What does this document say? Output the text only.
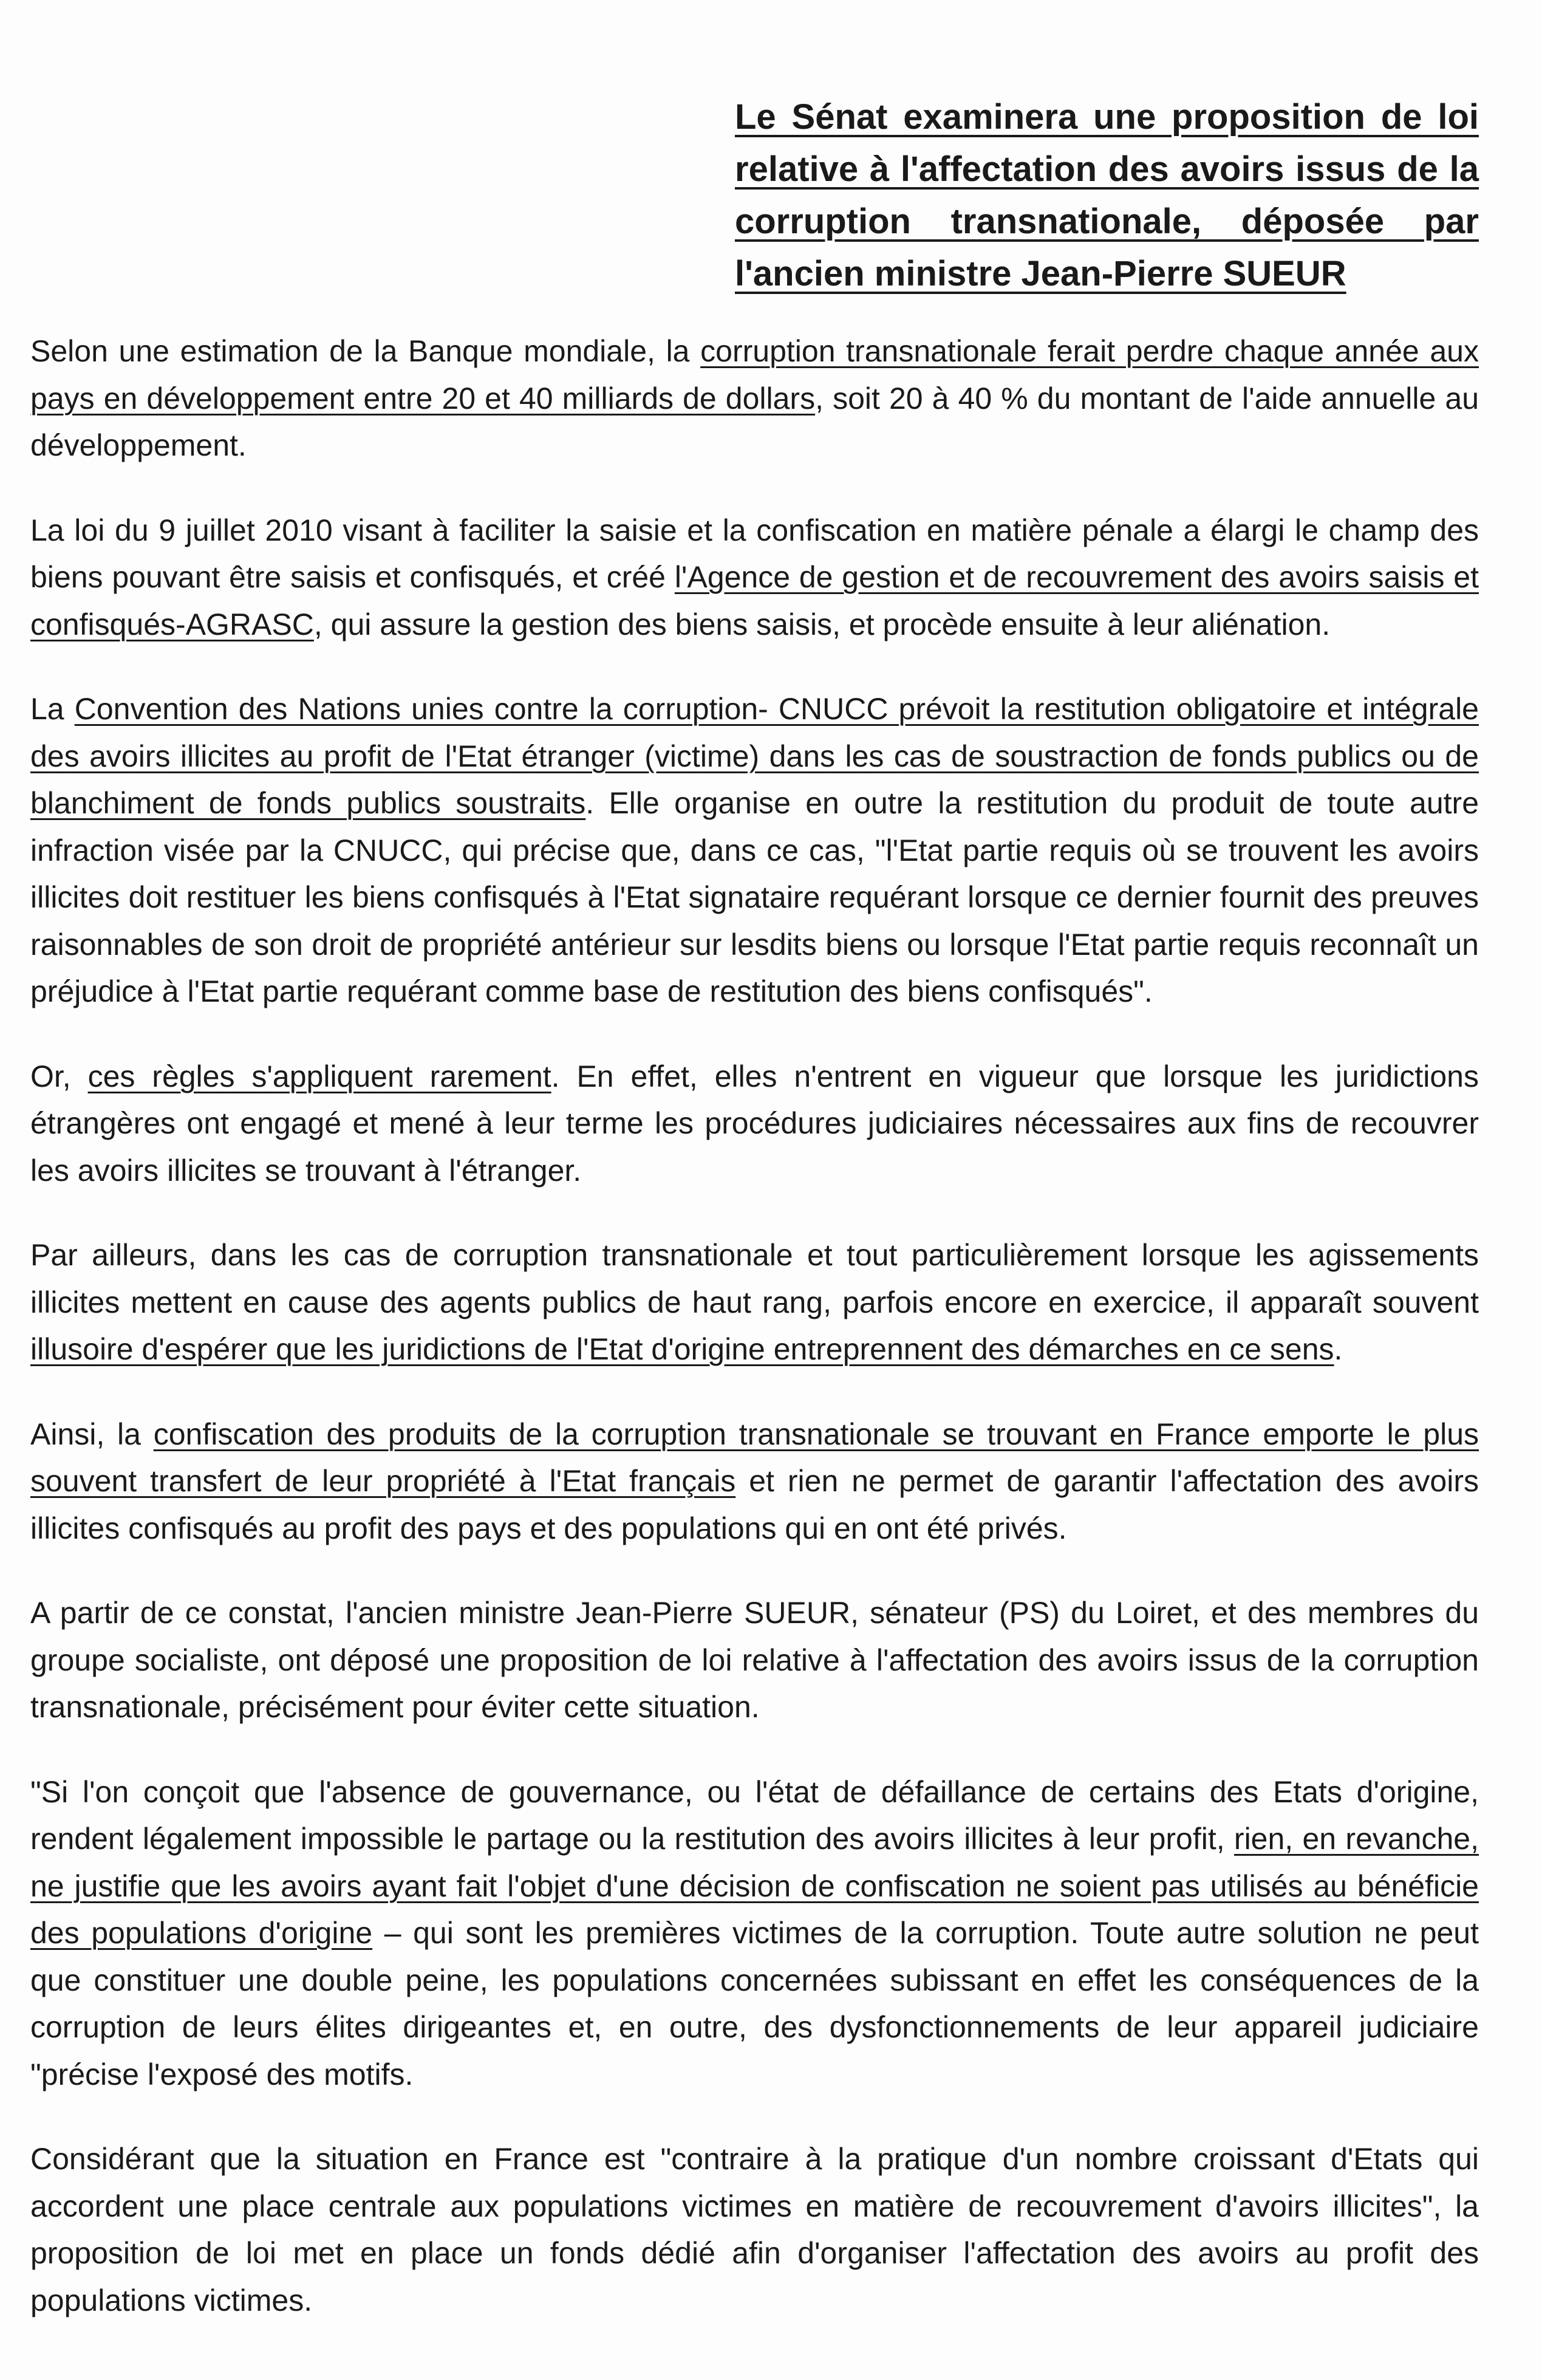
Le Sénat examinera une proposition de loi relative à l'affectation des avoirs issus de la corruption transnationale, déposée par l'ancien ministre Jean-Pierre SUEUR

Selon une estimation de la Banque mondiale, la corruption transnationale ferait perdre chaque année aux pays en développement entre 20 et 40 milliards de dollars, soit 20 à 40 % du montant de l'aide annuelle au développement.

La loi du 9 juillet 2010 visant à faciliter la saisie et la confiscation en matière pénale a élargi le champ des biens pouvant être saisis et confisqués, et créé l'Agence de gestion et de recouvrement des avoirs saisis et confisqués-AGRASC, qui assure la gestion des biens saisis, et procède ensuite à leur aliénation.

La Convention des Nations unies contre la corruption- CNUCC prévoit la restitution obligatoire et intégrale des avoirs illicites au profit de l'Etat étranger (victime) dans les cas de soustraction de fonds publics ou de blanchiment de fonds publics soustraits. Elle organise en outre la restitution du produit de toute autre infraction visée par la CNUCC, qui précise que, dans ce cas, "l'Etat partie requis où se trouvent les avoirs illicites doit restituer les biens confisqués à l'Etat signataire requérant lorsque ce dernier fournit des preuves raisonnables de son droit de propriété antérieur sur lesdits biens ou lorsque l'Etat partie requis reconnaît un préjudice à l'Etat partie requérant comme base de restitution des biens confisqués".

Or, ces règles s'appliquent rarement. En effet, elles n'entrent en vigueur que lorsque les juridictions étrangères ont engagé et mené à leur terme les procédures judiciaires nécessaires aux fins de recouvrer les avoirs illicites se trouvant à l'étranger.

Par ailleurs, dans les cas de corruption transnationale et tout particulièrement lorsque les agissements illicites mettent en cause des agents publics de haut rang, parfois encore en exercice, il apparaît souvent illusoire d'espérer que les juridictions de l'Etat d'origine entreprennent des démarches en ce sens.

Ainsi, la confiscation des produits de la corruption transnationale se trouvant en France emporte le plus souvent transfert de leur propriété à l'Etat français et rien ne permet de garantir l'affectation des avoirs illicites confisqués au profit des pays et des populations qui en ont été privés.

A partir de ce constat, l'ancien ministre Jean-Pierre SUEUR, sénateur (PS) du Loiret, et des membres du groupe socialiste, ont déposé une proposition de loi relative à l'affectation des avoirs issus de la corruption transnationale, précisément pour éviter cette situation.

"Si l'on conçoit que l'absence de gouvernance, ou l'état de défaillance de certains des Etats d'origine, rendent légalement impossible le partage ou la restitution des avoirs illicites à leur profit, rien, en revanche, ne justifie que les avoirs ayant fait l'objet d'une décision de confiscation ne soient pas utilisés au bénéficie des populations d'origine – qui sont les premières victimes de la corruption. Toute autre solution ne peut que constituer une double peine, les populations concernées subissant en effet les conséquences de la corruption de leurs élites dirigeantes et, en outre, des dysfonctionnements de leur appareil judiciaire "précise l'exposé des motifs.

Considérant que la situation en France est "contraire à la pratique d'un nombre croissant d'Etats qui accordent une place centrale aux populations victimes en matière de recouvrement d'avoirs illicites", la proposition de loi met en place un fonds dédié afin d'organiser l'affectation des avoirs au profit des populations victimes.
